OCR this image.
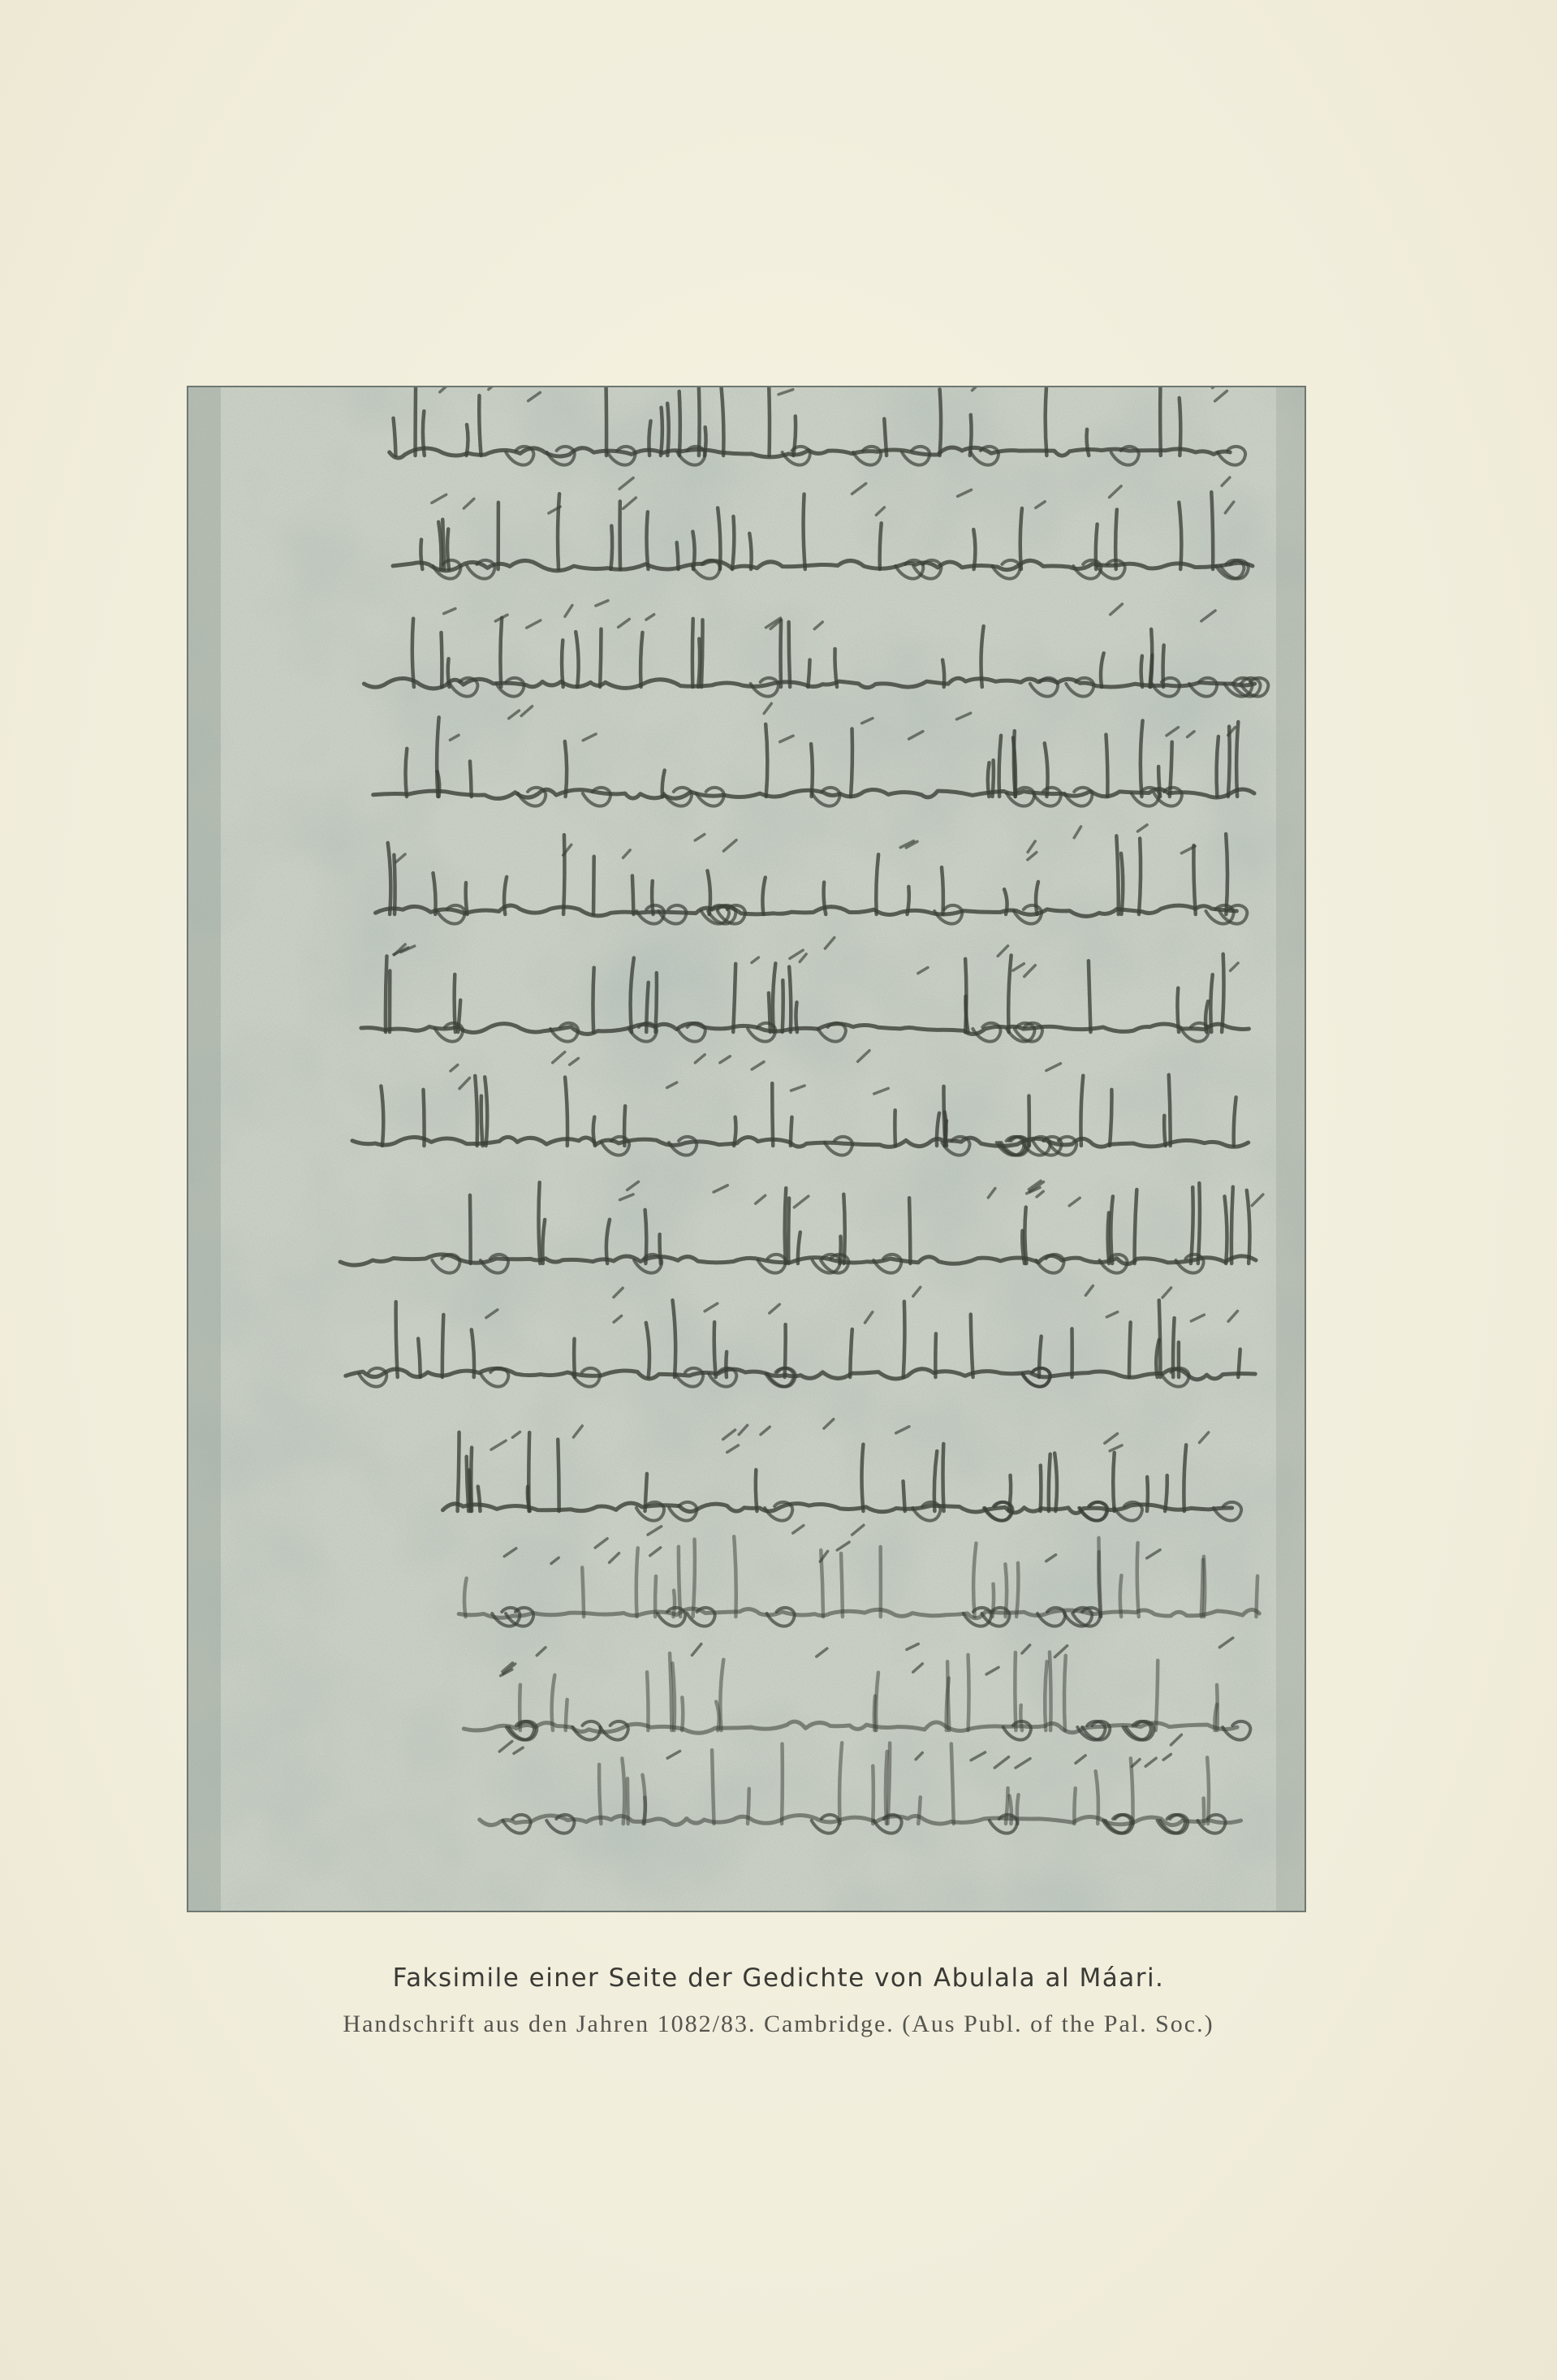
Faksimile einer Seite der Gedichte von Abulala al Máari.
Handschrift aus den Jahren 1082/83. Cambridge. (Aus Publ. of the Pal. Soc.)
